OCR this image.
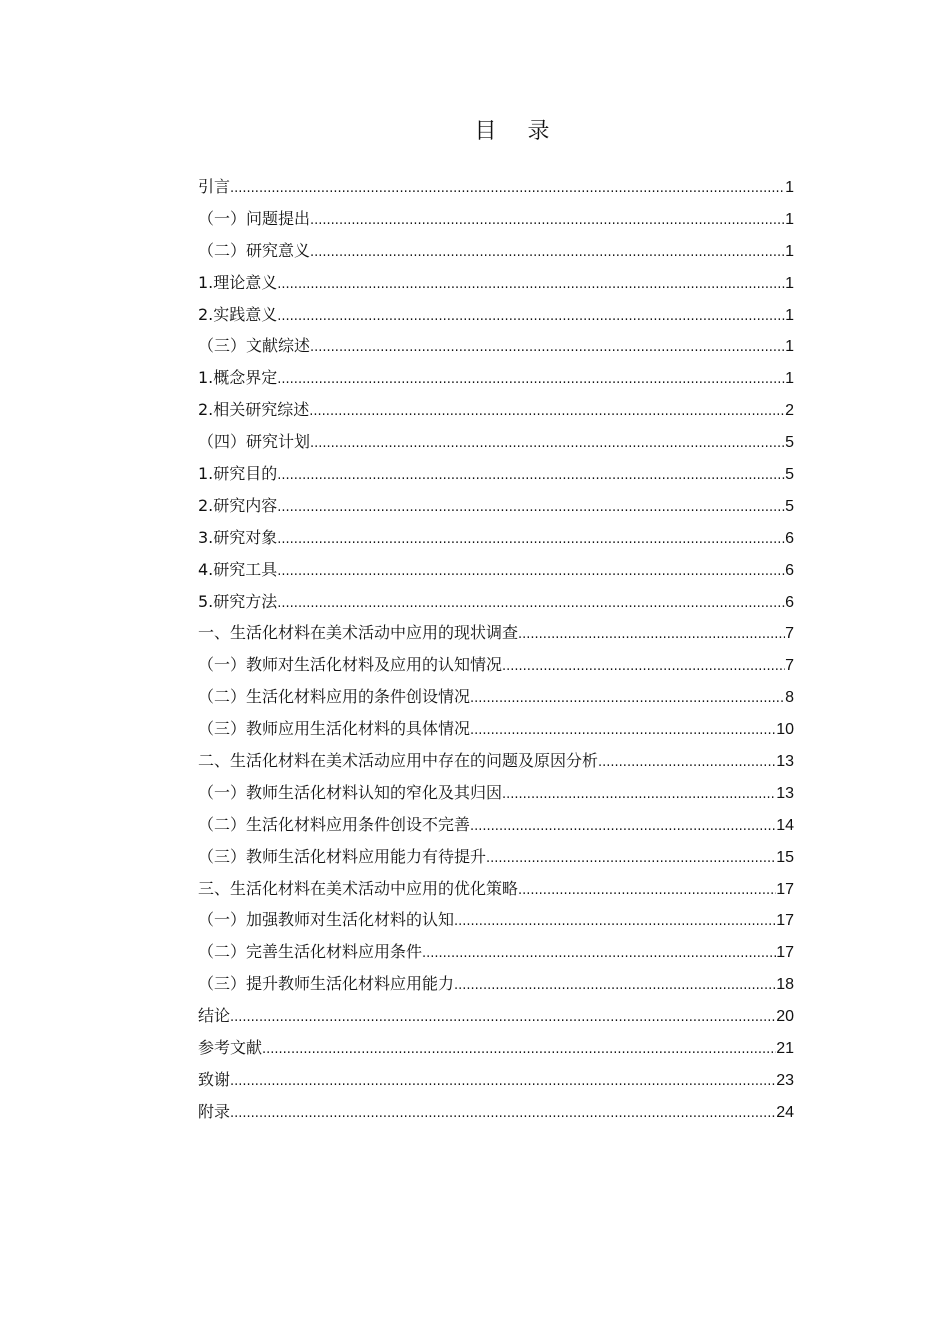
目 录
引言 .....	1
（一）问题提出 .....	1
（二）研究意义 .....	1
1.理论意义 .....	1
2.实践意义 .....	1
（三）文献综述 .....	1
1.概念界定 .....	1
2.相关研究综述 .....	2
（四）研究计划 .....	5
1.研究目的 .....	5
2.研究内容 .....	5
3.研究对象 .....	6
4.研究工具 .....	6
5.研究方法 .....	6
一、生活化材料在美术活动中应用的现状调查 .....	7
（一）教师对生活化材料及应用的认知情况 .....	7
（二）生活化材料应用的条件创设情况 .....	8
（三）教师应用生活化材料的具体情况 .....	10
二、生活化材料在美术活动应用中存在的问题及原因分析 .....	13
（一）教师生活化材料认知的窄化及其归因 .....	13
（二）生活化材料应用条件创设不完善 .....	14
（三）教师生活化材料应用能力有待提升 .....	15
三、生活化材料在美术活动中应用的优化策略 .....	17
（一）加强教师对生活化材料的认知 .....	17
（二）完善生活化材料应用条件 .....	17
（三）提升教师生活化材料应用能力 .....	18
结论 .....	20
参考文献 .....	21
致谢 .....	23
附录 .....	24
